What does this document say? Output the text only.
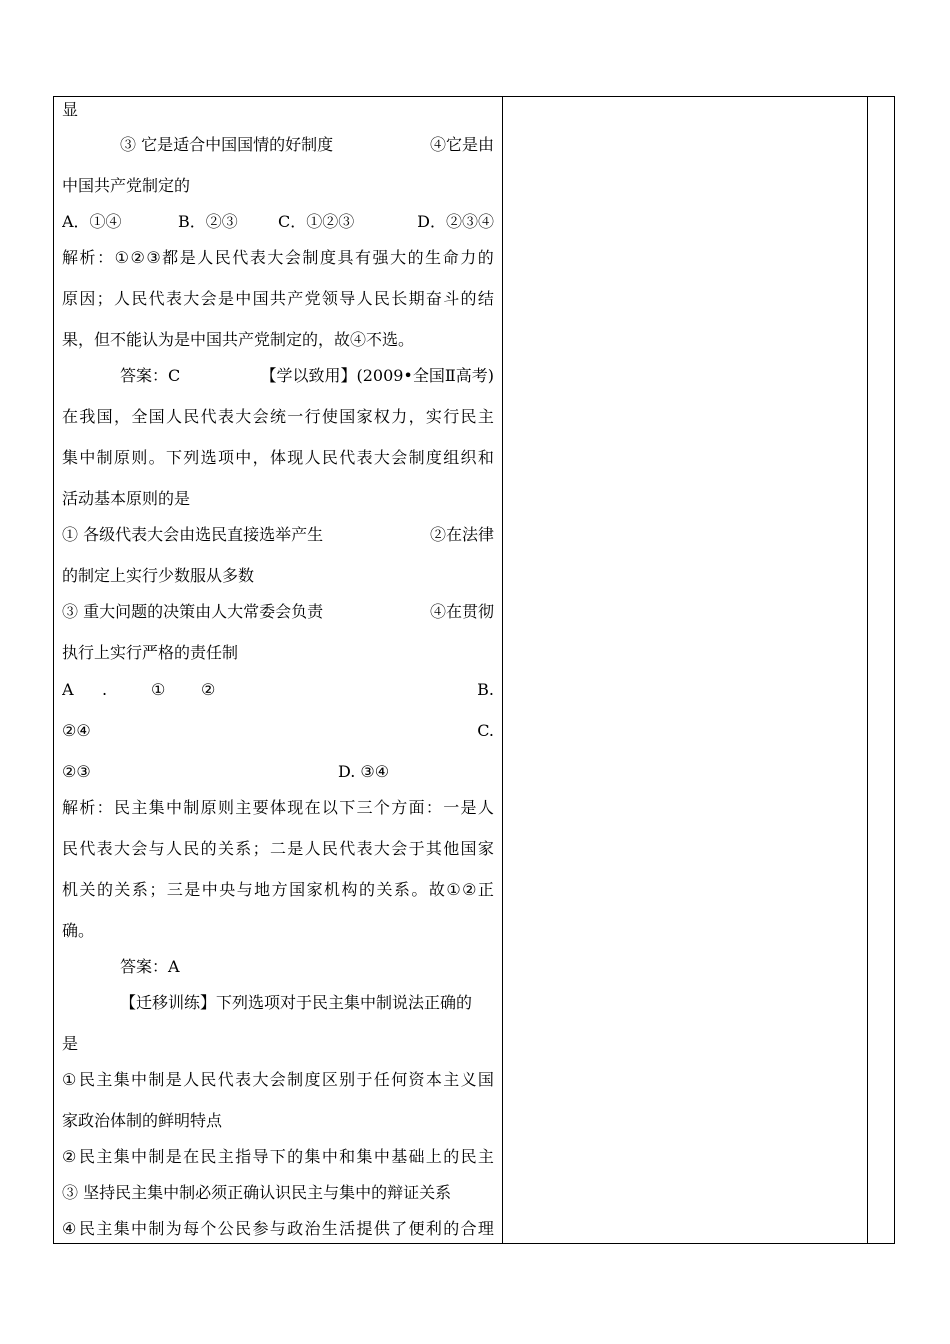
显
③ 它是适合中国国情的好制度	④它是由
中国共产党制定的
A．①④	B．②③	C．①②③	D．②③④
解 析 ： ① ② ③ 都 是 人 民 代 表 大 会 制 度 具 有 强 大 的 生 命 力 的
原 因 ； 人 民 代 表 大 会 是 中 国 共 产 党 领 导 人 民 长 期 奋 斗 的 结
果，但不能认为是中国共产党制定的，故④不选。
答案：C	【学以致用】(2009•全国Ⅱ高考)
在 我 国 ， 全 国 人 民 代 表 大 会 统 一 行 使 国 家 权 力 ， 实 行 民 主
集 中 制 原 则 。 下 列 选 项 中 ， 体 现 人 民 代 表 大 会 制 度 组 织 和
活动基本原则的是
① 各级代表大会由选民直接选举产生	②在法律
的制定上实行少数服从多数
③ 重大问题的决策由人大常委会负责	④在贯彻
执行上实行严格的责任制
A .	① ②	B.
②④	C.
②③	D. ③④
解 析 ： 民 主 集 中 制 原 则 主 要 体 现 在 以 下 三 个 方 面 ： 一 是 人
民 代 表 大 会 与 人 民 的 关 系 ； 二 是 人 民 代 表 大 会 于 其 他 国 家
机 关 的 关 系 ； 三 是 中 央 与 地 方 国 家 机 构 的 关 系 。 故 ① ② 正
确。
答案：A
【迁移训练】下列选项对于民主集中制说法正确的
是
① 民 主 集 中 制 是 人 民 代 表 大 会 制 度 区 别 于 任 何 资 本 主 义 国
家政治体制的鲜明特点
② 民 主 集 中 制 是 在 民 主 指 导 下 的 集 中 和 集 中 基 础 上 的 民 主
③ 坚持民主集中制必须正确认识民主与集中的辩证关系
④ 民 主 集 中 制 为 每 个 公 民 参 与 政 治 生 活 提 供 了 便 利 的 合 理
